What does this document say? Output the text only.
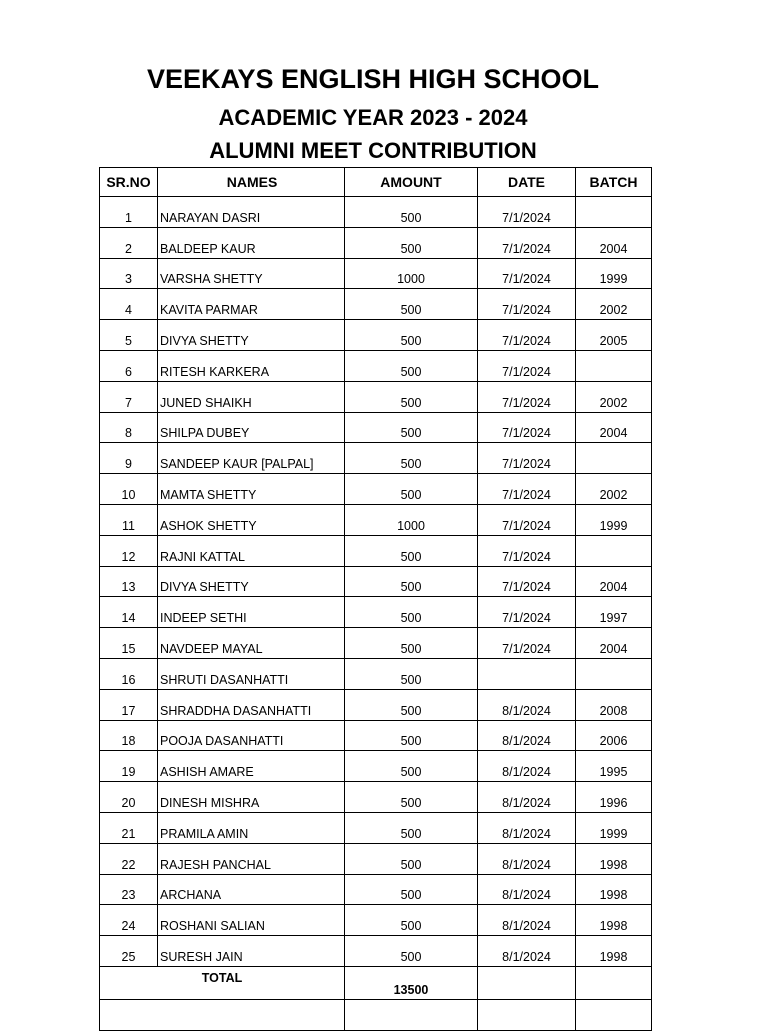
VEEKAYS ENGLISH HIGH SCHOOL
ACADEMIC YEAR 2023 - 2024
ALUMNI MEET CONTRIBUTION
SR.NO	NAMES	AMOUNT	DATE	BATCH
1	NARAYAN DASRI	500	7/1/2024	
2	BALDEEP KAUR	500	7/1/2024	2004
3	VARSHA SHETTY	1000	7/1/2024	1999
4	KAVITA PARMAR	500	7/1/2024	2002
5	DIVYA SHETTY	500	7/1/2024	2005
6	RITESH KARKERA	500	7/1/2024	
7	JUNED SHAIKH	500	7/1/2024	2002
8	SHILPA DUBEY	500	7/1/2024	2004
9	SANDEEP KAUR [PALPAL]	500	7/1/2024	
10	MAMTA SHETTY	500	7/1/2024	2002
11	ASHOK SHETTY	1000	7/1/2024	1999
12	RAJNI KATTAL	500	7/1/2024	
13	DIVYA SHETTY	500	7/1/2024	2004
14	INDEEP SETHI	500	7/1/2024	1997
15	NAVDEEP MAYAL	500	7/1/2024	2004
16	SHRUTI DASANHATTI	500		
17	SHRADDHA DASANHATTI	500	8/1/2024	2008
18	POOJA DASANHATTI	500	8/1/2024	2006
19	ASHISH AMARE	500	8/1/2024	1995
20	DINESH MISHRA	500	8/1/2024	1996
21	PRAMILA AMIN	500	8/1/2024	1999
22	RAJESH PANCHAL	500	8/1/2024	1998
23	ARCHANA	500	8/1/2024	1998
24	ROSHANI SALIAN	500	8/1/2024	1998
25	SURESH JAIN	500	8/1/2024	1998
TOTAL		13500		
